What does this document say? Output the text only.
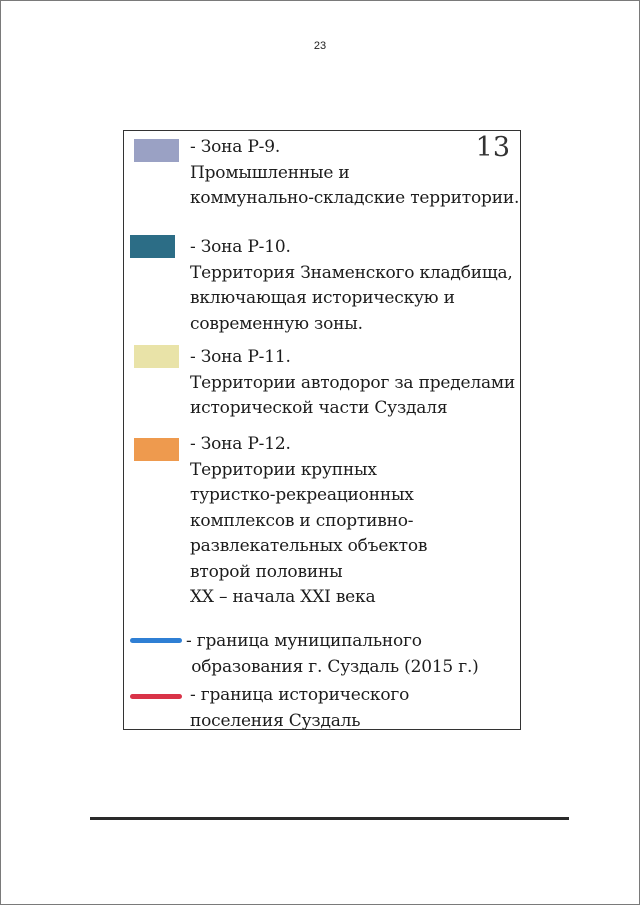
23
13
- Зона Р-9.
Промышленные и
коммунально-складские территории.
- Зона Р-10.
Территория Знаменского кладбища,
включающая историческую и
современную зоны.
- Зона Р-11.
Территории автодорог за пределами
исторической части Суздаля
- Зона Р-12.
Территории крупных
туристко-рекреационных
комплексов и спортивно-
развлекательных объектов
второй половины
XX – начала XXI века
- граница муниципального
образования г. Суздаль (2015 г.)
- граница исторического
поселения Суздаль
